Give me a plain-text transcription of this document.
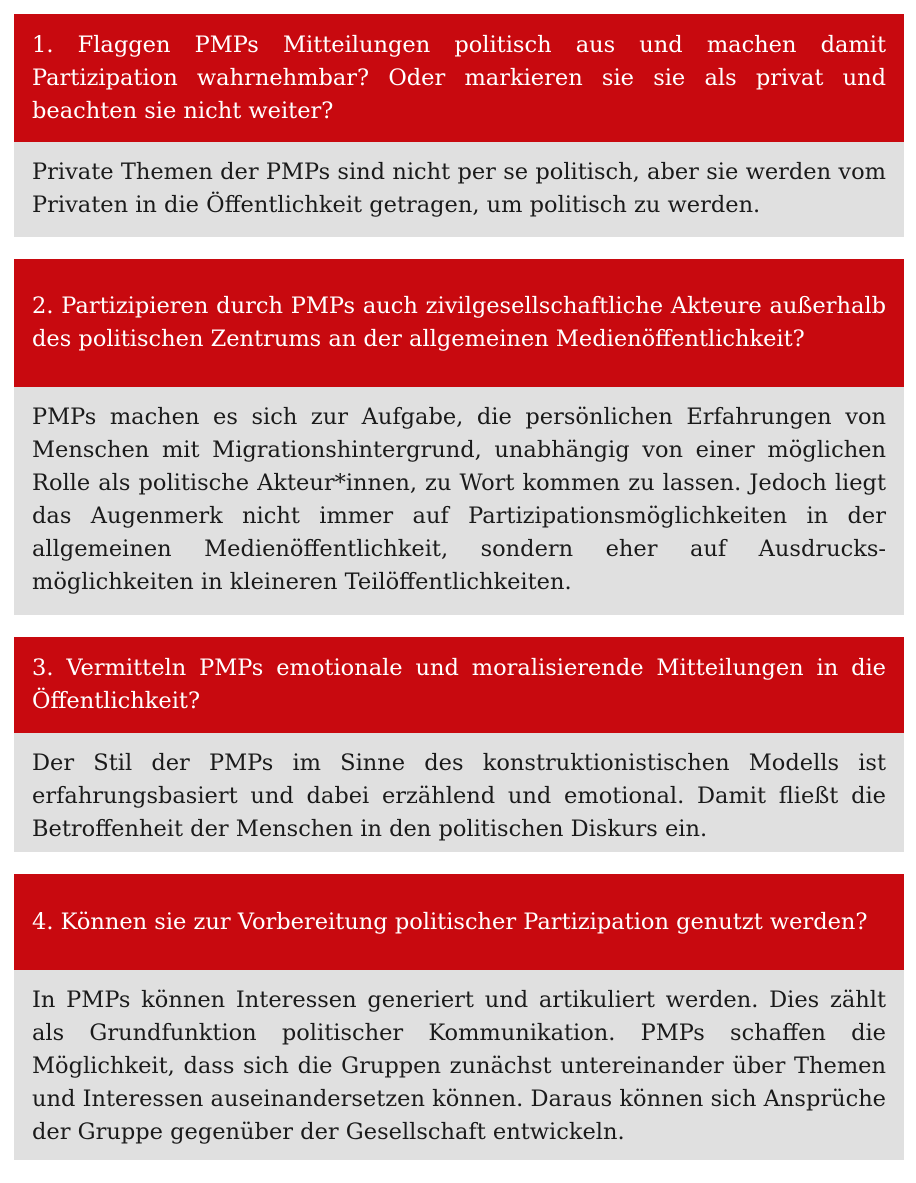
1. Flaggen PMPs Mitteilungen politisch aus und machen damit Partizipation wahrnehmbar? Oder markieren sie sie als privat und beachten sie nicht weiter?
Private Themen der PMPs sind nicht per se politisch, aber sie werden vom Privaten in die Öffentlichkeit getragen, um politisch zu werden.
2. Partizipieren durch PMPs auch zivilgesellschaftliche Akteure außerhalb des politischen Zentrums an der allgemeinen Medienöffentlichkeit?
PMPs machen es sich zur Aufgabe, die persönlichen Erfahrungen von Menschen mit Migrationshintergrund, unabhängig von einer möglichen Rolle als politische Akteur*innen, zu Wort kommen zu lassen. Jedoch liegt das Augenmerk nicht immer auf Partizipationsmöglichkeiten in der allgemeinen Medienöffentlichkeit, sondern eher auf Ausdrucks-möglichkeiten in kleineren Teilöffentlichkeiten.
3. Vermitteln PMPs emotionale und moralisierende Mitteilungen in die Öffentlichkeit?
Der Stil der PMPs im Sinne des konstruktionistischen Modells ist erfahrungsbasiert und dabei erzählend und emotional. Damit fließt die Betroffenheit der Menschen in den politischen Diskurs ein.
4. Können sie zur Vorbereitung politischer Partizipation genutzt werden?
In PMPs können Interessen generiert und artikuliert werden. Dies zählt als Grundfunktion politischer Kommunikation. PMPs schaffen die Möglichkeit, dass sich die Gruppen zunächst untereinander über Themen und Interessen auseinandersetzen können. Daraus können sich Ansprüche der Gruppe gegenüber der Gesellschaft entwickeln.
